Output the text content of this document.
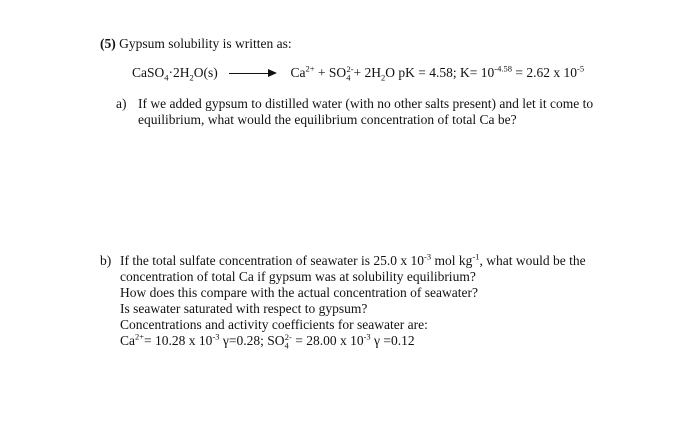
(5) Gypsum solubility is written as:
$CaSO_4\cdot 2H_2O(s)$	$Ca^{2+} + SO_4^{2-}+ 2H_2O$ pK = 4.58; $K= 10^{-4.58} = 2.62$ x $10^{-5}$
a) If we added gypsum to distilled water (with no other salts present) and let it come to
equilibrium, what would the equilibrium concentration of total Ca be?
b) If the total sulfate concentration of seawater is 25.0 x $10^{-3}$ mol $kg^{-1}$, what would be the
concentration of total Ca if gypsum was at solubility equilibrium?
How does this compare with the actual concentration of seawater?
Is seawater saturated with respect to gypsum?
Concentrations and activity coefficients for seawater are:
$Ca^{2+}= 10.28$ x $10^{-3}$ γ=0.28; $SO_4^{2-} = 28.00$ x $10^{-3}$ γ =0.12
